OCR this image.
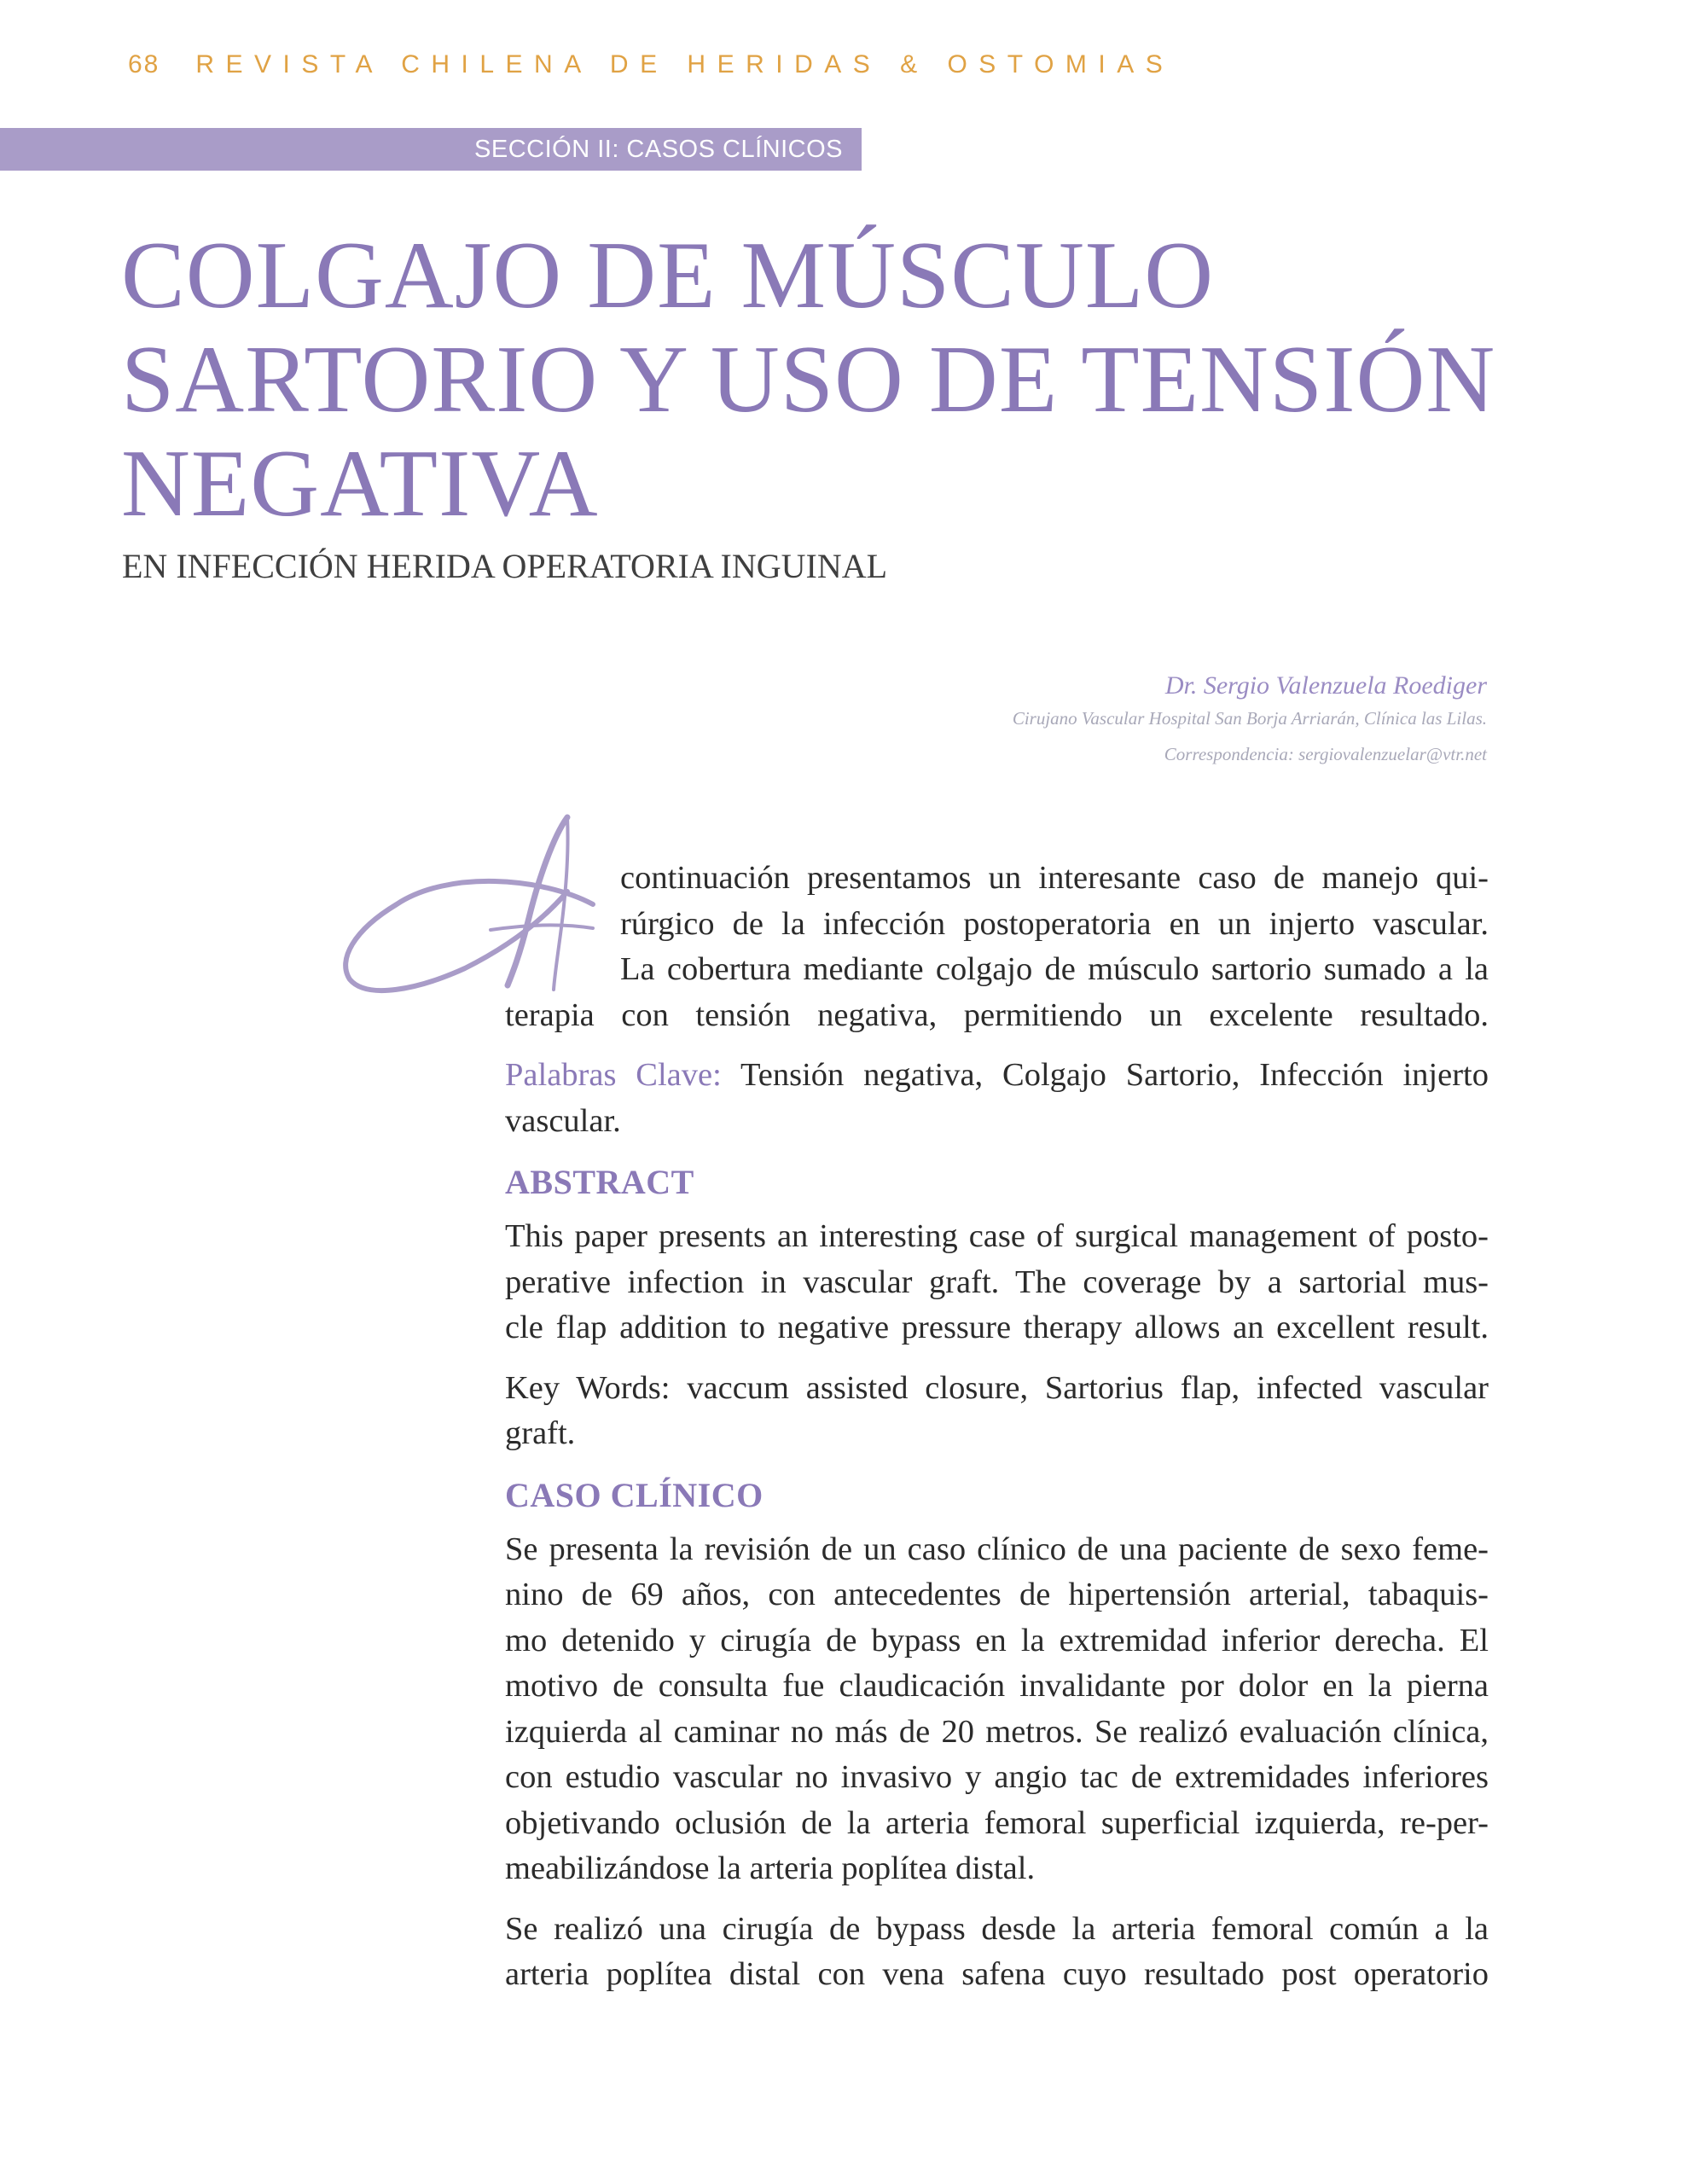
68 REVISTA CHILENA DE HERIDAS & OSTOMIAS
SECCIÓN II: CASOS CLÍNICOS
COLGAJO DE MÚSCULO
SARTORIO Y USO DE TENSIÓN
NEGATIVA
EN INFECCIÓN HERIDA OPERATORIA INGUINAL
Dr. Sergio Valenzuela Roediger
Cirujano Vascular Hospital San Borja Arriarán, Clínica las Lilas.
Correspondencia: sergiovalenzuelar@vtr.net
A

continuación presentamos un interesante caso de manejo qui-
rúrgico de la infección postoperatoria en un injerto vascular.
La cobertura mediante colgajo de músculo sartorio sumado a la
terapia con tensión negativa, permitiendo un excelente resultado.

Palabras Clave: Tensión negativa, Colgajo Sartorio, Infección injerto
vascular.

ABSTRACT

This paper presents an interesting case of surgical management of posto-
perative infection in vascular graft. The coverage by a sartorial mus-
cle flap addition to negative pressure therapy allows an excellent result.

Key Words: vaccum assisted closure, Sartorius flap, infected vascular
graft.

CASO CLÍNICO

Se presenta la revisión de un caso clínico de una paciente de sexo feme-
nino de 69 años, con antecedentes de hipertensión arterial, tabaquis-
mo detenido y cirugía de bypass en la extremidad inferior derecha. El
motivo de consulta fue claudicación invalidante por dolor en la pierna
izquierda al caminar no más de 20 metros. Se realizó evaluación clínica,
con estudio vascular no invasivo y angio tac de extremidades inferiores
objetivando oclusión de la arteria femoral superficial izquierda, re-per-
meabilizándose la arteria poplítea distal.

Se realizó una cirugía de bypass desde la arteria femoral común a la
arteria poplítea distal con vena safena cuyo resultado post operatorio
